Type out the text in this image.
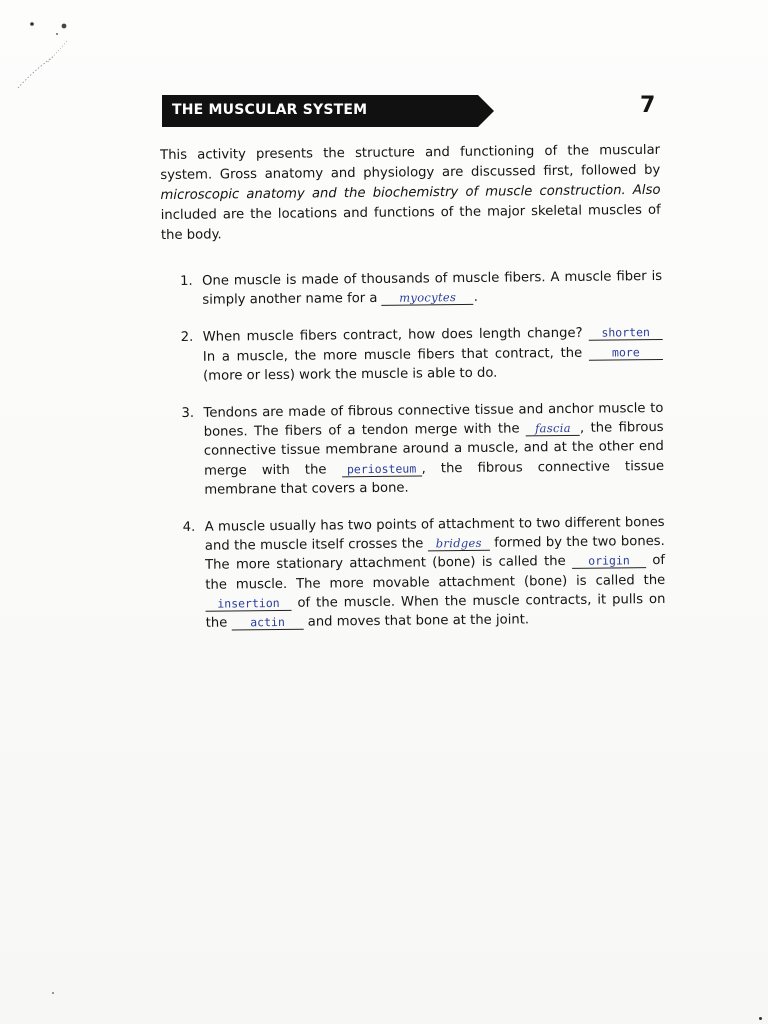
THE MUSCULAR SYSTEM	7
This activity presents the structure and functioning of the muscular system. Gross anatomy and physiology are discussed first, followed by microscopic anatomy and the biochemistry of muscle construction. Also included are the locations and functions of the major skeletal muscles of the body.
1. One muscle is made of thousands of muscle fibers. A muscle fiber is simply another name for a myocytes .
2. When muscle fibers contract, how does length change? shorten In a muscle, the more muscle fibers that contract, the more (more or less) work the muscle is able to do.
3. Tendons are made of fibrous connective tissue and anchor muscle to bones. The fibers of a tendon merge with the fascia , the fibrous connective tissue membrane around a muscle, and at the other end merge with the periosteum , the fibrous connective tissue membrane that covers a bone.
4. A muscle usually has two points of attachment to two different bones and the muscle itself crosses the bridges formed by the two bones. The more stationary attachment (bone) is called the origin of the muscle. The more movable attachment (bone) is called the insertion of the muscle. When the muscle contracts, it pulls on the actin and moves that bone at the joint.
